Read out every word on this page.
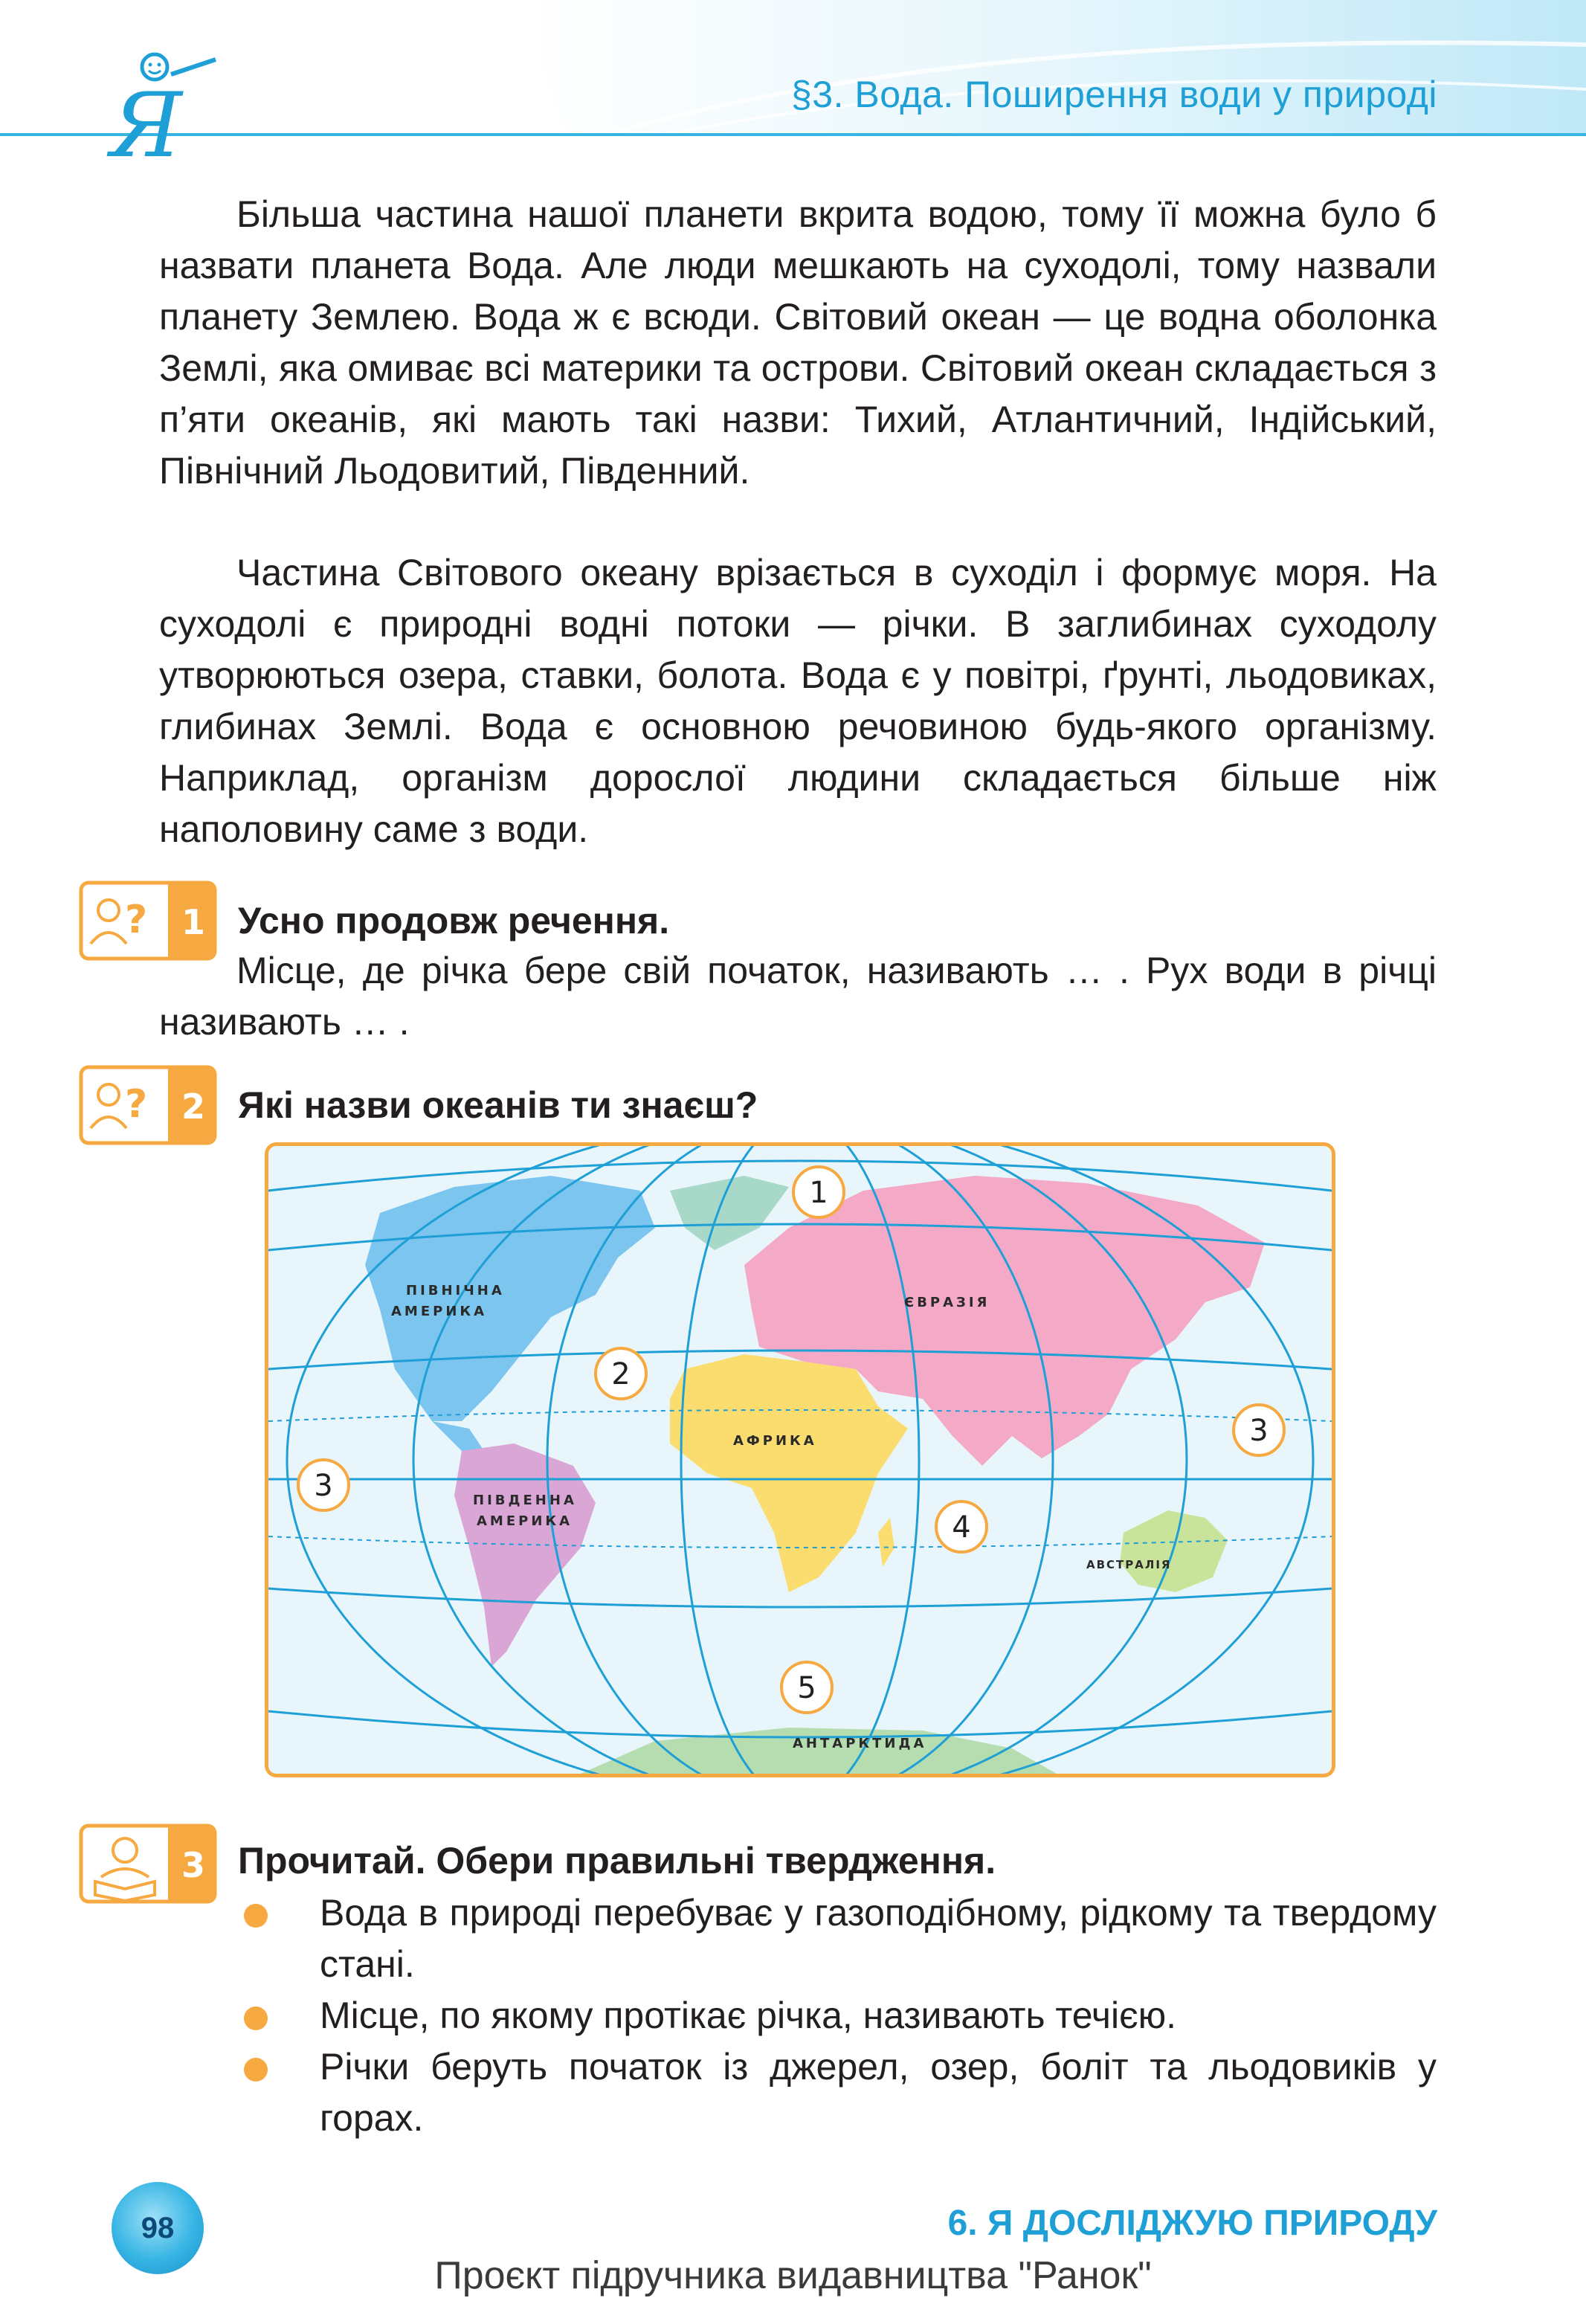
Я	§3. Вода. Поширення води у природі

Більша частина нашої планети вкрита водою, тому її можна було б назвати планета Вода. Але люди мешкають на суходолі, тому назвали планету Землею. Вода ж є всюди. Світовий океан — це водна оболонка Землі, яка омиває всі материки та острови. Світовий океан складається з п’яти океанів, які мають такі назви: Тихий, Атлантичний, Індійський, Північний Льодовитий, Південний.

Частина Світового океану врізається в суходіл і формує моря. На суходолі є природні водні потоки — річки. В заглибинах суходолу утворюються озера, ставки, болота. Вода є у повітрі, ґрунті, льодовиках, глибинах Землі. Вода є основною речовиною будь-якого організму. Наприклад, організм дорослої людини складається більше ніж наполовину саме з води.

? 1 Усно продовж речення.

Місце, де річка бере свій початок, називають … . Рух води в річці називають … .

? 2 Які назви океанів ти знаєш?
ПІВНІЧНА
АМЕРИКА
ПІВДЕННА
АМЕРИКА
ЄВРАЗІЯ
АФРИКА
АВСТРАЛІЯ
АНТАРКТИДА
1
2
3
3
4
5
3 Прочитай. Обери правильні твердження.
Вода в природі перебуває у газоподібному, рідкому та твердому стані.
Місце, по якому протікає річка, називають течією.
Річки беруть початок із джерел, озер, боліт та льодовиків у горах.
98	6. Я ДОСЛІДЖУЮ ПРИРОДУ
Проєкт підручника видавництва "Ранок"
